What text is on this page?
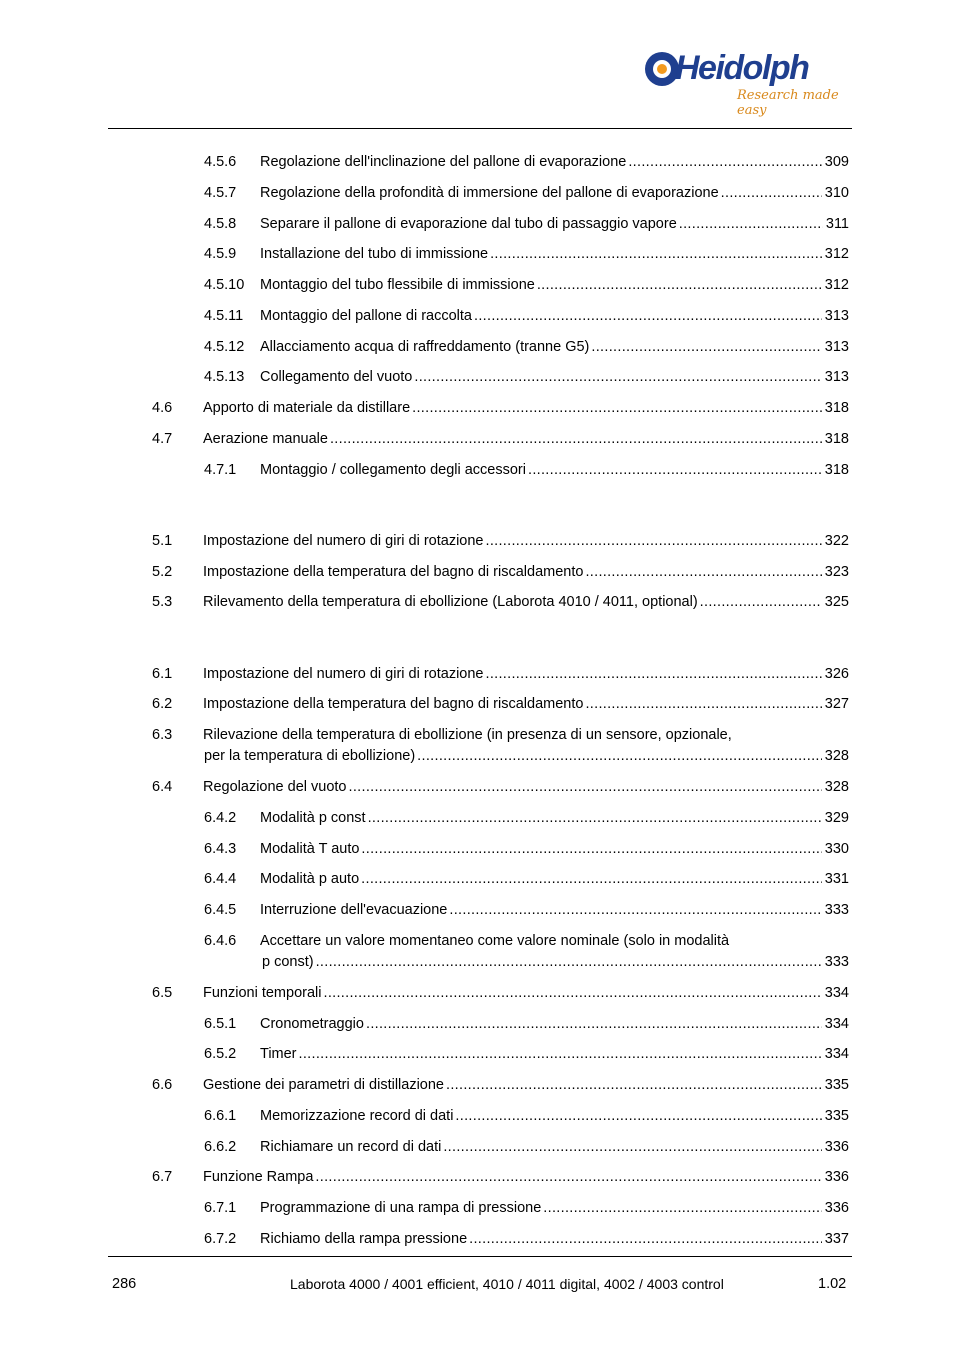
Heidolph
Research made easy
4.5.6 Regolazione dell'inclinazione del pallone di evaporazione .....	309
4.5.7 Regolazione della profondità di immersione del pallone di evaporazione .....	310
4.5.8 Separare il pallone di evaporazione dal tubo di passaggio vapore .....	311
4.5.9 Installazione del tubo di immissione .....	312
4.5.10 Montaggio del tubo flessibile di immissione .....	312
4.5.11 Montaggio del pallone di raccolta .....	313
4.5.12 Allacciamento acqua di raffreddamento (tranne G5) .....	313
4.5.13 Collegamento del vuoto .....	313
4.6 Apporto di materiale da distillare .....	318
4.7 Aerazione manuale .....	318
4.7.1 Montaggio / collegamento degli accessori .....	318
5.1 Impostazione del numero di giri di rotazione .....	322
5.2 Impostazione della temperatura del bagno di riscaldamento .....	323
5.3 Rilevamento della temperatura di ebollizione (Laborota 4010 / 4011, optional) .....	325
6.1 Impostazione del numero di giri di rotazione .....	326
6.2 Impostazione della temperatura del bagno di riscaldamento .....	327
6.3 Rilevazione della temperatura di ebollizione (in presenza di un sensore, opzionale,
per la temperatura di ebollizione) .....	328
6.4 Regolazione del vuoto .....	328
6.4.2 Modalità p const .....	329
6.4.3 Modalità T auto .....	330
6.4.4 Modalità p auto .....	331
6.4.5 Interruzione dell'evacuazione .....	333
6.4.6 Accettare un valore momentaneo come valore nominale (solo in modalità
p const) .....	333
6.5 Funzioni temporali .....	334
6.5.1 Cronometraggio .....	334
6.5.2 Timer .....	334
6.6 Gestione dei parametri di distillazione .....	335
6.6.1 Memorizzazione record di dati .....	335
6.6.2 Richiamare un record di dati .....	336
6.7 Funzione Rampa .....	336
6.7.1 Programmazione di una rampa di pressione .....	336
6.7.2 Richiamo della rampa pressione .....	337
286	Laborota 4000 / 4001 efficient, 4010 / 4011 digital, 4002 / 4003 control	1.02
